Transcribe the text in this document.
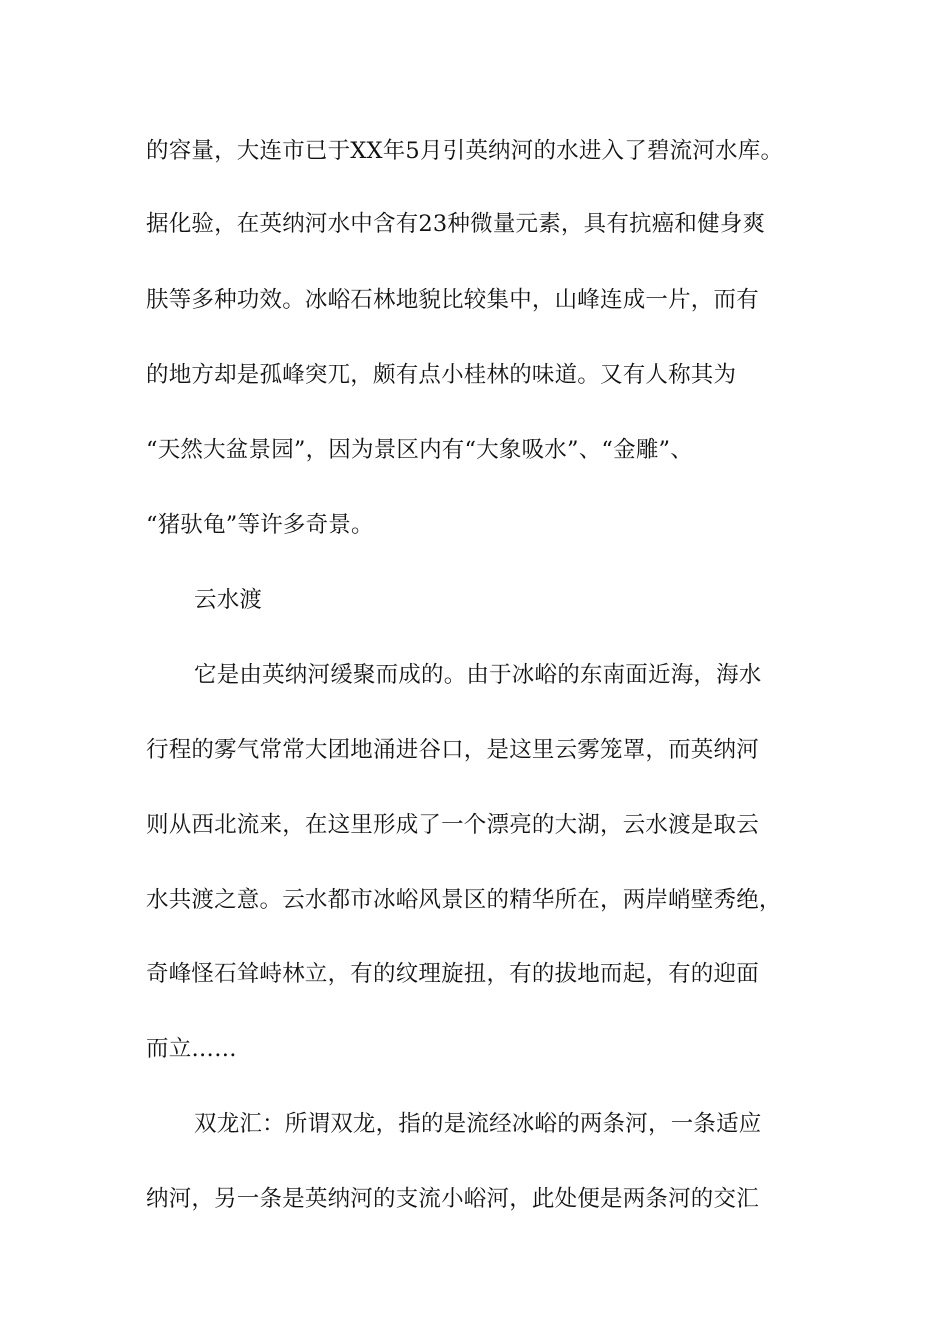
的容量，大连市已于XX年5月引英纳河的水进入了碧流河水库。
据化验，在英纳河水中含有23种微量元素，具有抗癌和健身爽
肤等多种功效。冰峪石林地貌比较集中，山峰连成一片，而有
的地方却是孤峰突兀，颇有点小桂林的味道。又有人称其为
“天然大盆景园”，因为景区内有“大象吸水”、“金雕”、
“猪驮龟”等许多奇景。
云水渡
它是由英纳河缓聚而成的。由于冰峪的东南面近海，海水
行程的雾气常常大团地涌进谷口，是这里云雾笼罩，而英纳河
则从西北流来，在这里形成了一个漂亮的大湖，云水渡是取云
水共渡之意。云水都市冰峪风景区的精华所在，两岸峭壁秀绝，
奇峰怪石耸峙林立，有的纹理旋扭，有的拔地而起，有的迎面
而立……
双龙汇：所谓双龙，指的是流经冰峪的两条河，一条适应
纳河，另一条是英纳河的支流小峪河，此处便是两条河的交汇
